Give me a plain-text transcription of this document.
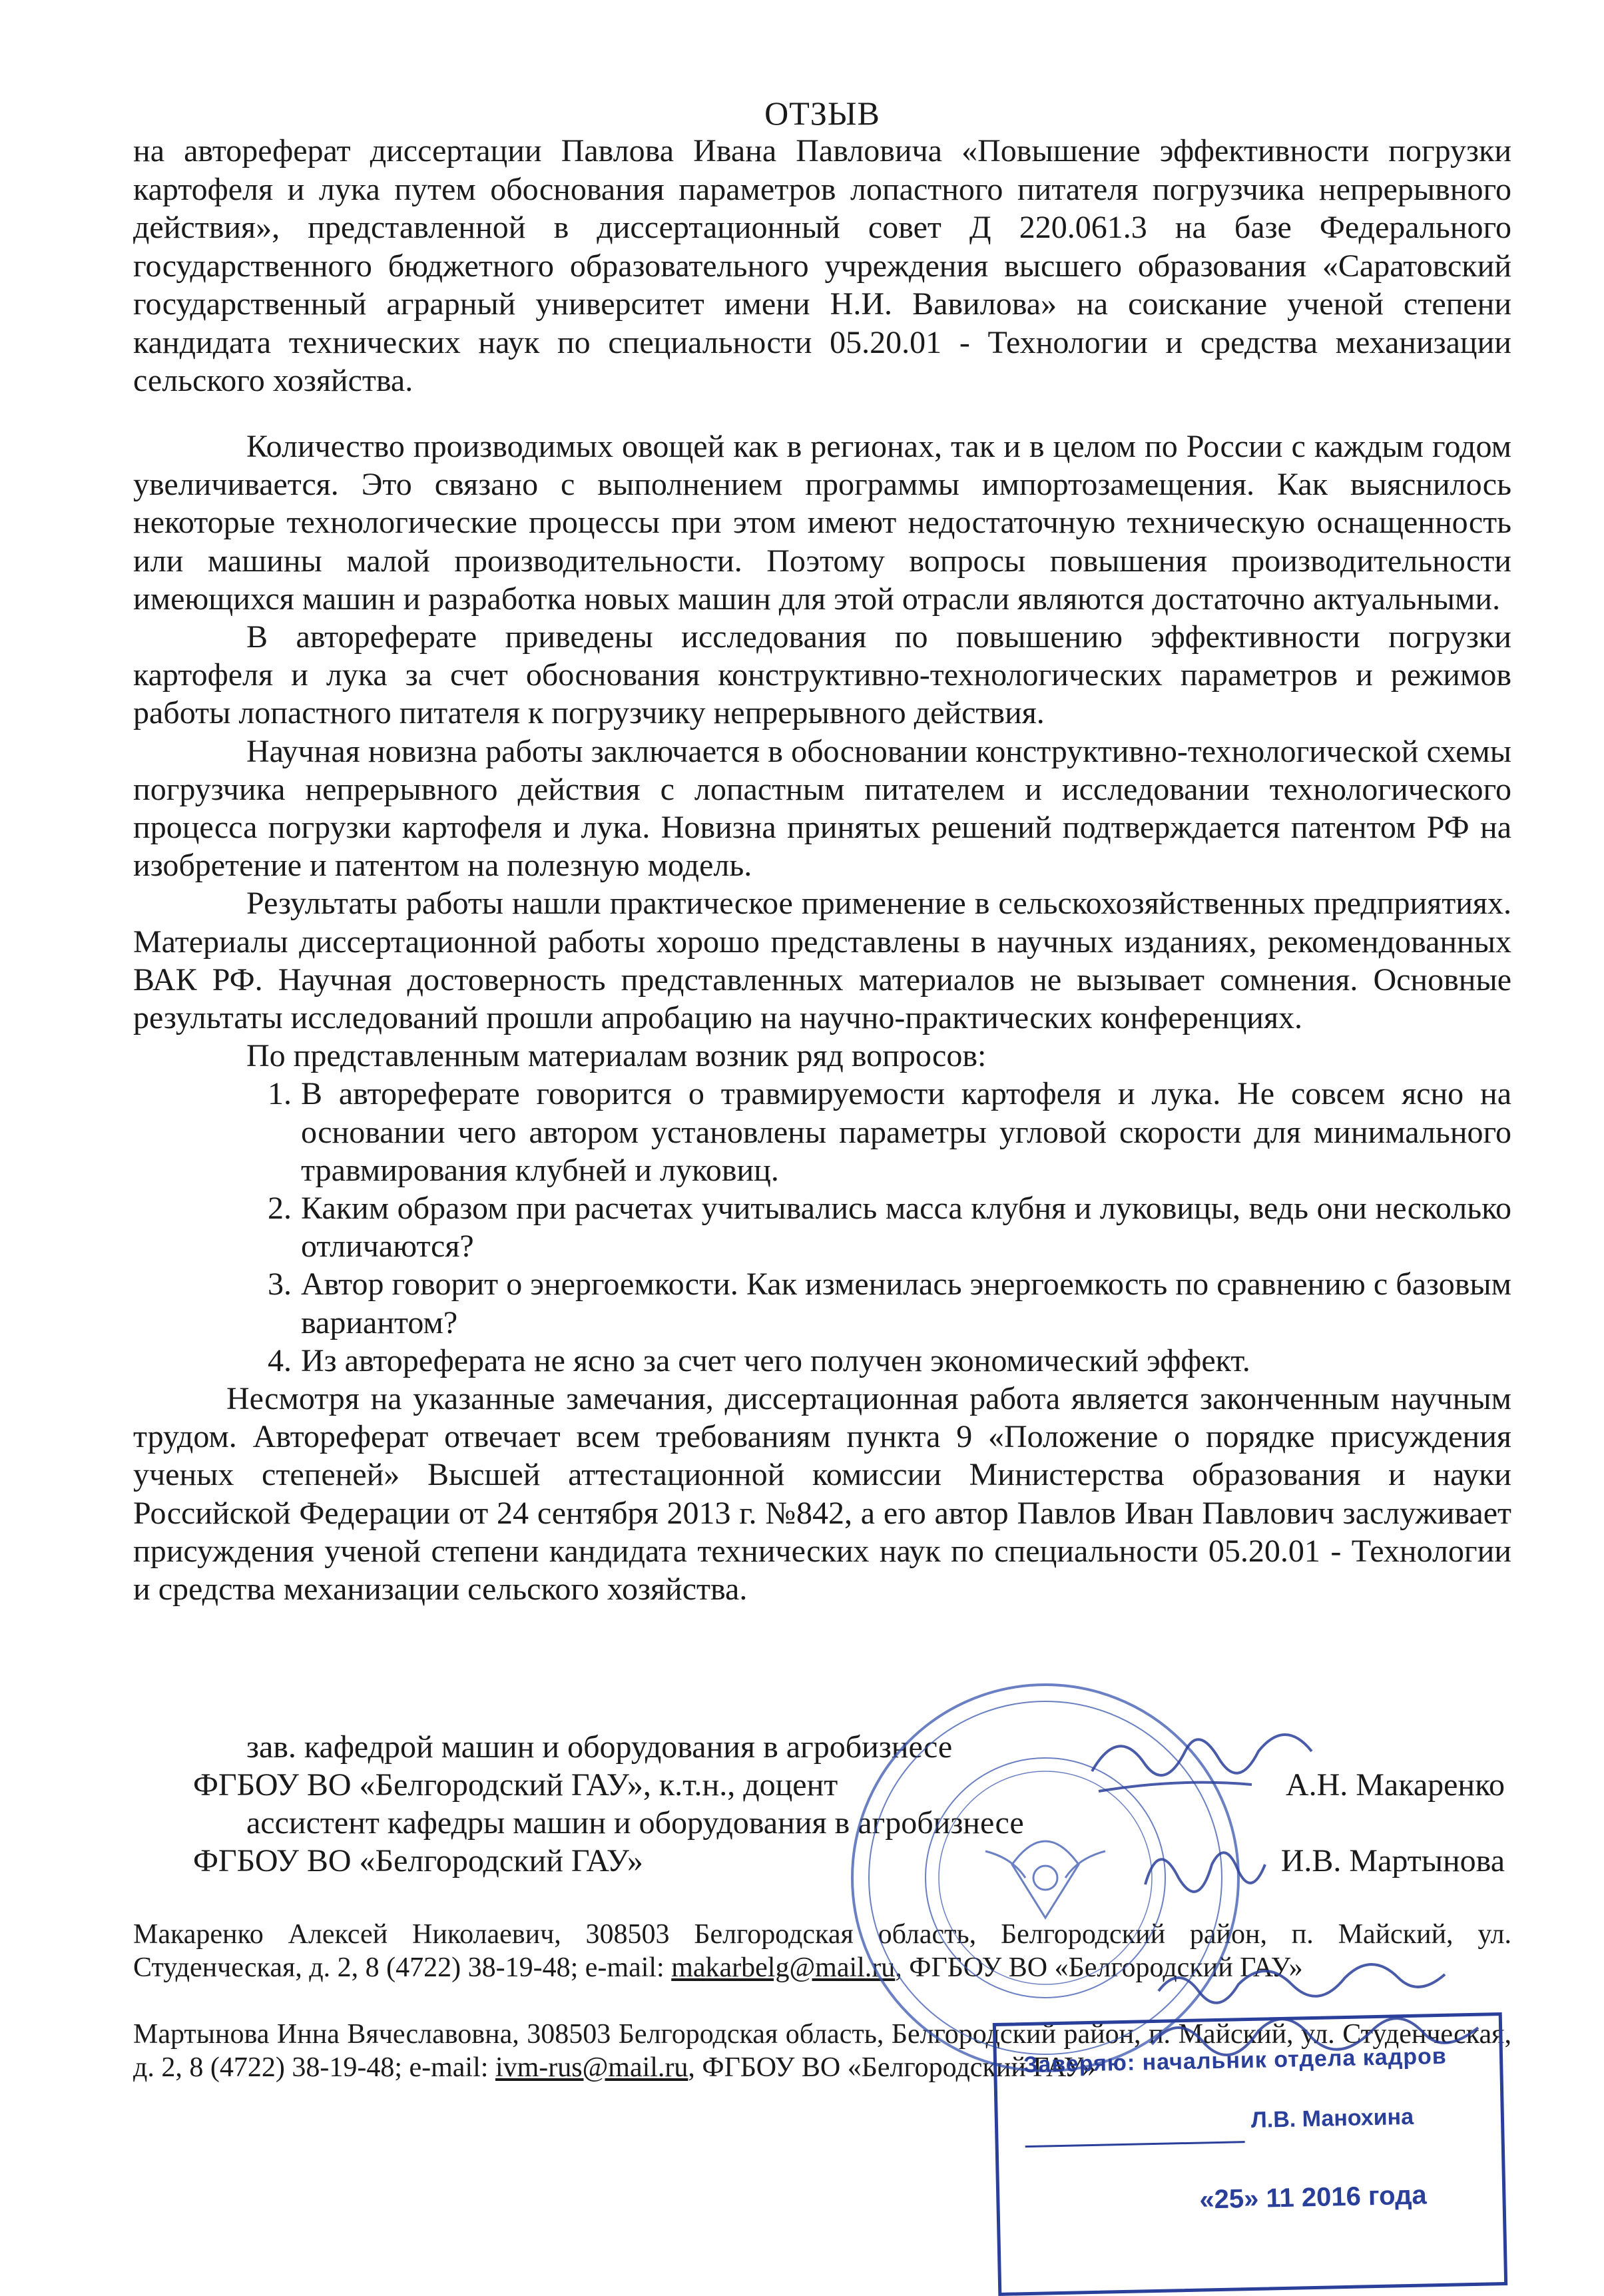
ОТЗЫВ

на автореферат диссертации Павлова Ивана Павловича «Повышение эффективности погрузки картофеля и лука путем обоснования параметров лопастного питателя погрузчика непрерывного действия», представленной в диссертационный совет Д 220.061.3 на базе Федерального государственного бюджетного образовательного учреждения высшего образования «Саратовский государственный аграрный университет имени Н.И. Вавилова» на соискание ученой степени кандидата технических наук по специальности 05.20.01 - Технологии и средства механизации сельского хозяйства.

Количество производимых овощей как в регионах, так и в целом по России с каждым годом увеличивается. Это связано с выполнением программы импортозамещения. Как выяснилось некоторые технологические процессы при этом имеют недостаточную техническую оснащенность или машины малой производительности. Поэтому вопросы повышения производительности имеющихся машин и разработка новых машин для этой отрасли являются достаточно актуальными.

В автореферате приведены исследования по повышению эффективности погрузки картофеля и лука за счет обоснования конструктивно-технологических параметров и режимов работы лопастного питателя к погрузчику непрерывного действия.

Научная новизна работы заключается в обосновании конструктивно-технологической схемы погрузчика непрерывного действия с лопастным питателем и исследовании технологического процесса погрузки картофеля и лука. Новизна принятых решений подтверждается патентом РФ на изобретение и патентом на полезную модель.

Результаты работы нашли практическое применение в сельскохозяйственных предприятиях. Материалы диссертационной работы хорошо представлены в научных изданиях, рекомендованных ВАК РФ. Научная достоверность представленных материалов не вызывает сомнения. Основные результаты исследований прошли апробацию на научно-практических конференциях.

По представленным материалам возник ряд вопросов:

1. В автореферате говорится о травмируемости картофеля и лука. Не совсем ясно на основании чего автором установлены параметры угловой скорости для минимального травмирования клубней и луковиц.
2. Каким образом при расчетах учитывались масса клубня и луковицы, ведь они несколько отличаются?
3. Автор говорит о энергоемкости. Как изменилась энергоемкость по сравнению с базовым вариантом?
4. Из автореферата не ясно за счет чего получен экономический эффект.

Несмотря на указанные замечания, диссертационная работа является законченным научным трудом. Автореферат отвечает всем требованиям пункта 9 «Положение о порядке присуждения ученых степеней» Высшей аттестационной комиссии Министерства образования и науки Российской Федерации от 24 сентября 2013 г. №842, а его автор Павлов Иван Павлович заслуживает присуждения ученой степени кандидата технических наук по специальности 05.20.01 - Технологии и средства механизации сельского хозяйства.

зав. кафедрой машин и оборудования в агробизнесе
ФГБОУ ВО «Белгородский ГАУ», к.т.н., доцент	А.Н. Макаренко
ассистент кафедры машин и оборудования в агробизнесе
ФГБОУ ВО «Белгородский ГАУ»	И.В. Мартынова

Макаренко Алексей Николаевич, 308503 Белгородская область, Белгородский район, п. Майский, ул. Студенческая, д. 2, 8 (4722) 38-19-48; e-mail: makarbelg@mail.ru, ФГБОУ ВО «Белгородский ГАУ»

Мартынова Инна Вячеславовна, 308503 Белгородская область, Белгородский район, п. Майский, ул. Студенческая, д. 2, 8 (4722) 38-19-48; e-mail: ivm-rus@mail.ru, ФГБОУ ВО «Белгородский ГАУ»

Заверяю: начальник отдела кадров
Л.В. Манохина
«25» 11 2016 года
